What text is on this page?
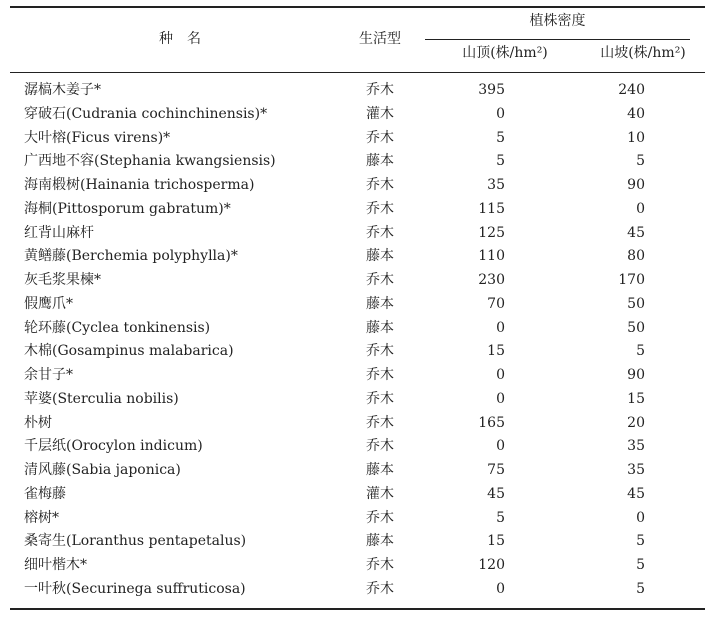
种　名	生活型
植株密度
山顶(株/hm²)	山坡(株/hm²)
潺槁木姜子*	乔木	395	240
穿破石(Cudrania cochinchinensis)*	灌木	0	40
大叶榕(Ficus virens)*	乔木	5	10
广西地不容(Stephania kwangsiensis)	藤本	5	5
海南椴树(Hainania trichosperma)	乔木	35	90
海桐(Pittosporum gabratum)*	乔木	115	0
红背山麻杆	乔木	125	45
黄鳝藤(Berchemia polyphylla)*	藤本	110	80
灰毛浆果楝*	乔木	230	170
假鹰爪*	藤本	70	50
轮环藤(Cyclea tonkinensis)	藤本	0	50
木棉(Gosampinus malabarica)	乔木	15	5
余甘子*	乔木	0	90
苹婆(Sterculia nobilis)	乔木	0	15
朴树	乔木	165	20
千层纸(Orocylon indicum)	乔木	0	35
清风藤(Sabia japonica)	藤本	75	35
雀梅藤	灌木	45	45
榕树*	乔木	5	0
桑寄生(Loranthus pentapetalus)	藤本	15	5
细叶楷木*	乔木	120	5
一叶秋(Securinega suffruticosa)	乔木	0	5
